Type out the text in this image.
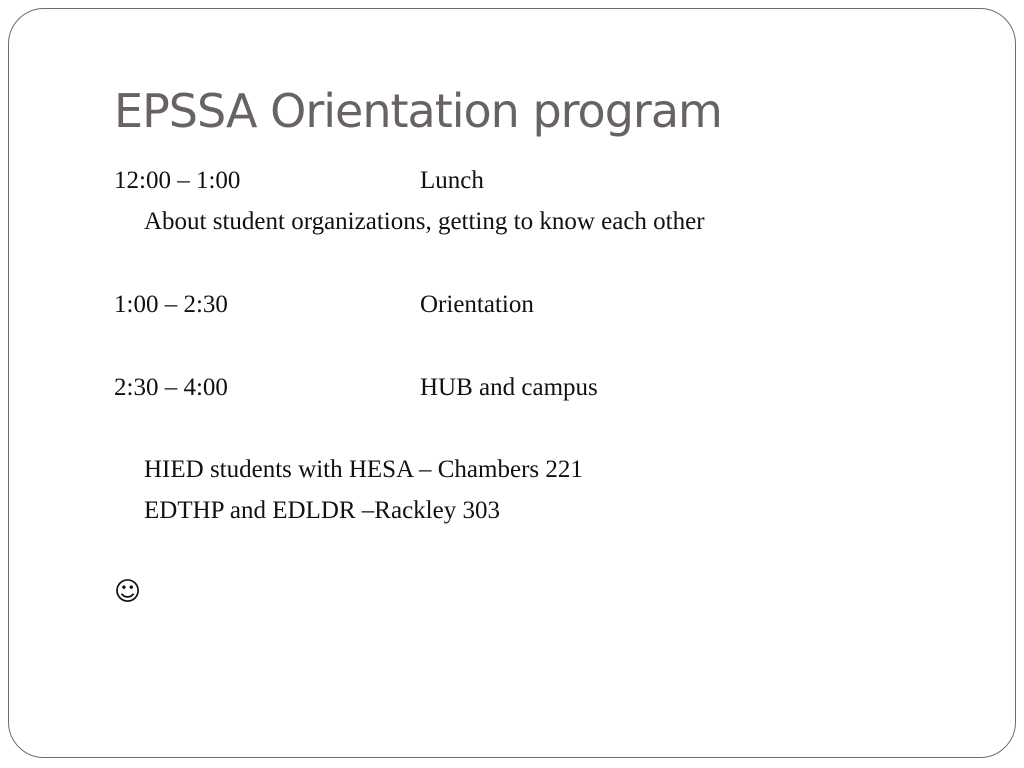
EPSSA Orientation program
12:00 – 1:00	Lunch
About student organizations, getting to know each other
1:00 – 2:30	Orientation
2:30 – 4:00	HUB and campus
HIED students with HESA – Chambers 221
EDTHP and EDLDR –Rackley 303
☺
